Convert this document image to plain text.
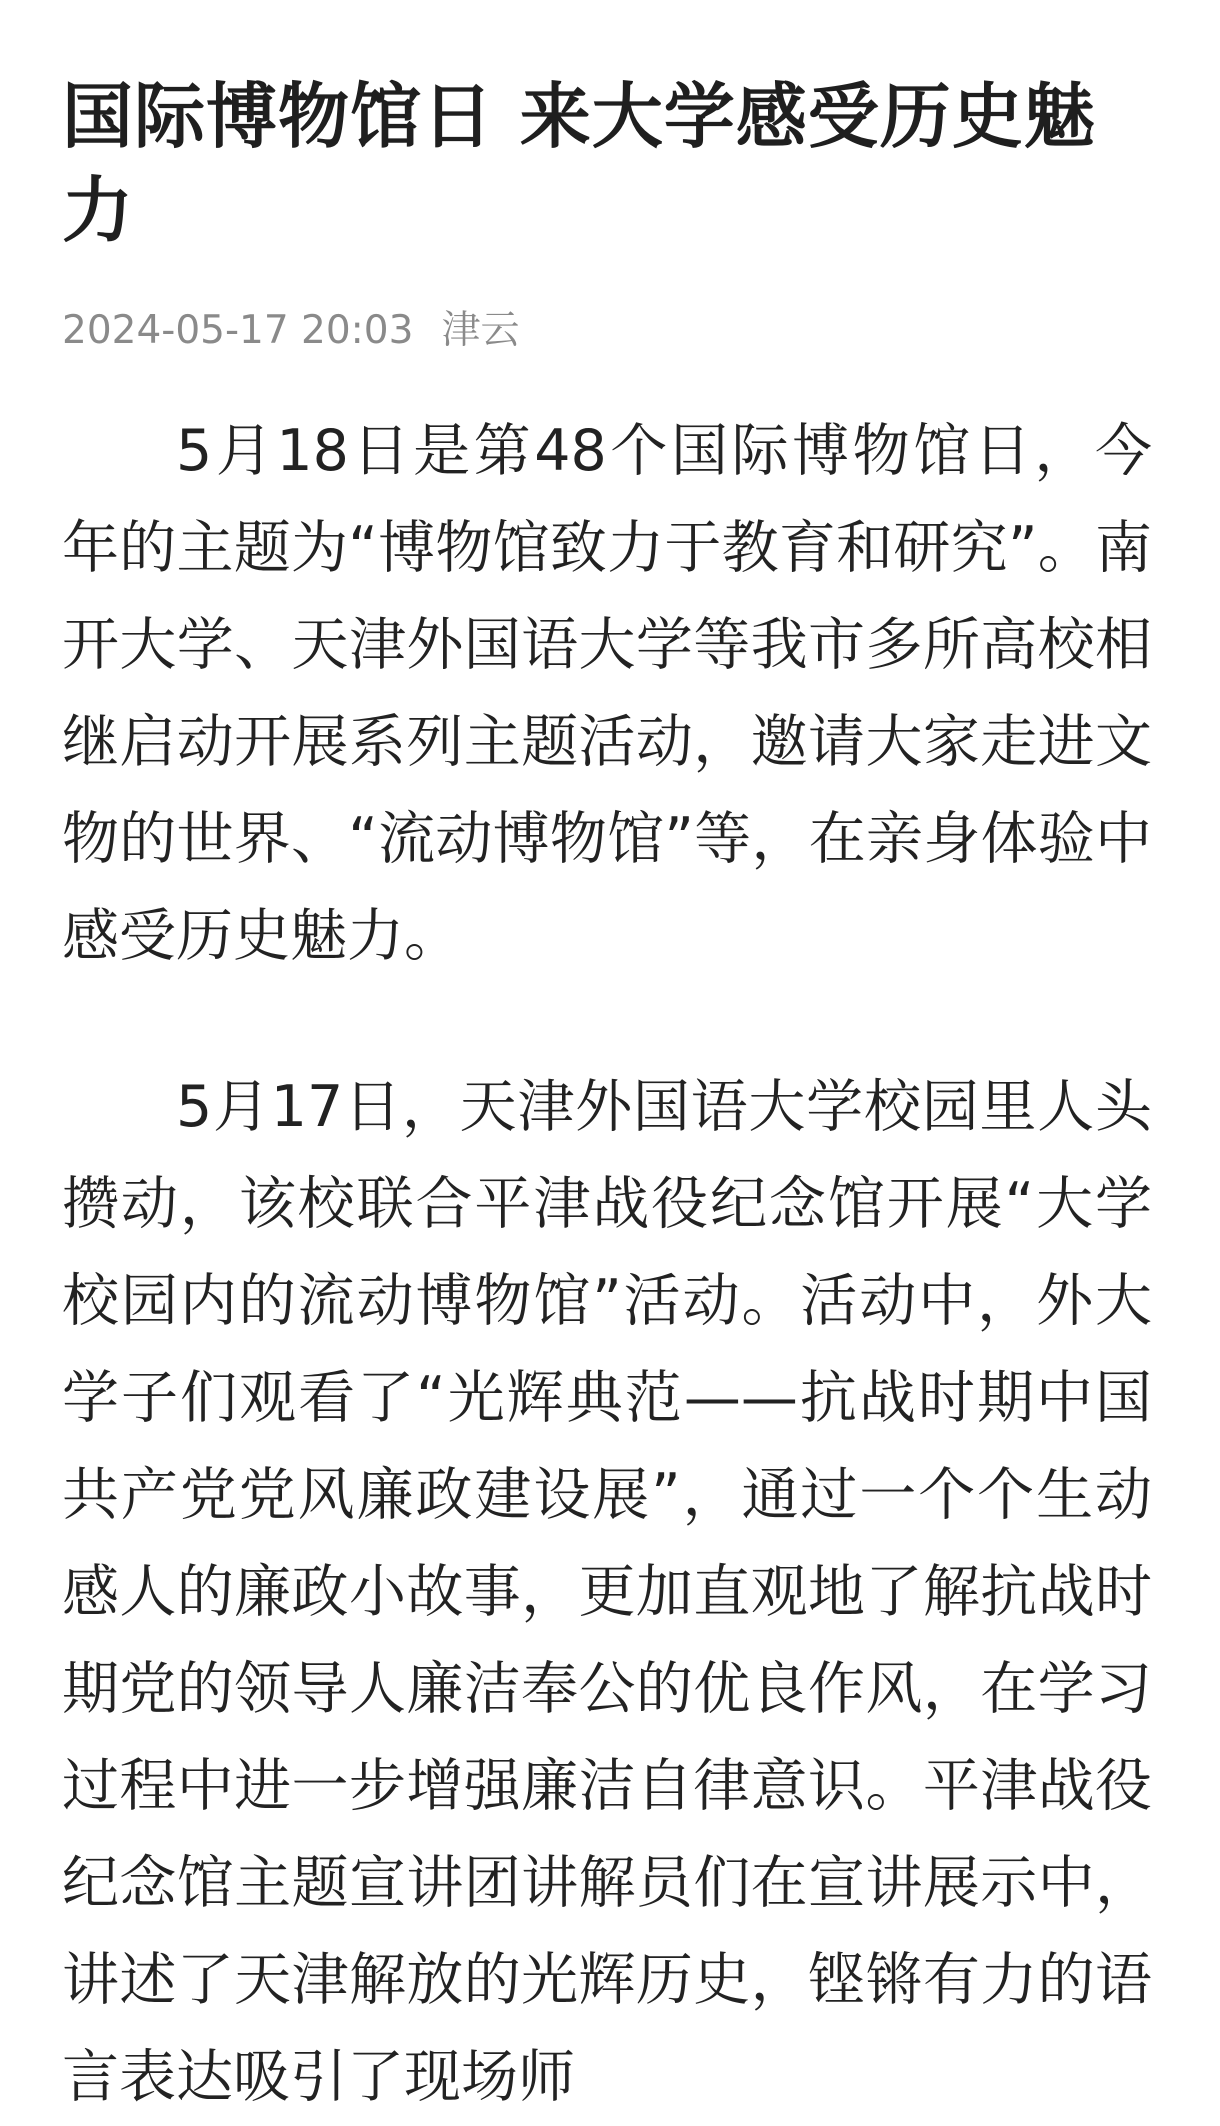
国际博物馆日 来大学感受历史魅力
2024-05-17 20:03 津云

5月18日是第48个国际博物馆日，今年的主题为“博物馆致力于教育和研究”。南开大学、天津外国语大学等我市多所高校相继启动开展系列主题活动，邀请大家走进文物的世界、“流动博物馆”等，在亲身体验中感受历史魅力。

5月17日，天津外国语大学校园里人头攒动，该校联合平津战役纪念馆开展“大学校园内的流动博物馆”活动。活动中，外大学子们观看了“光辉典范——抗战时期中国共产党党风廉政建设展”，通过一个个生动感人的廉政小故事，更加直观地了解抗战时期党的领导人廉洁奉公的优良作风，在学习过程中进一步增强廉洁自律意识。平津战役纪念馆主题宣讲团讲解员们在宣讲展示中，讲述了天津解放的光辉历史，铿锵有力的语言表达吸引了现场师
